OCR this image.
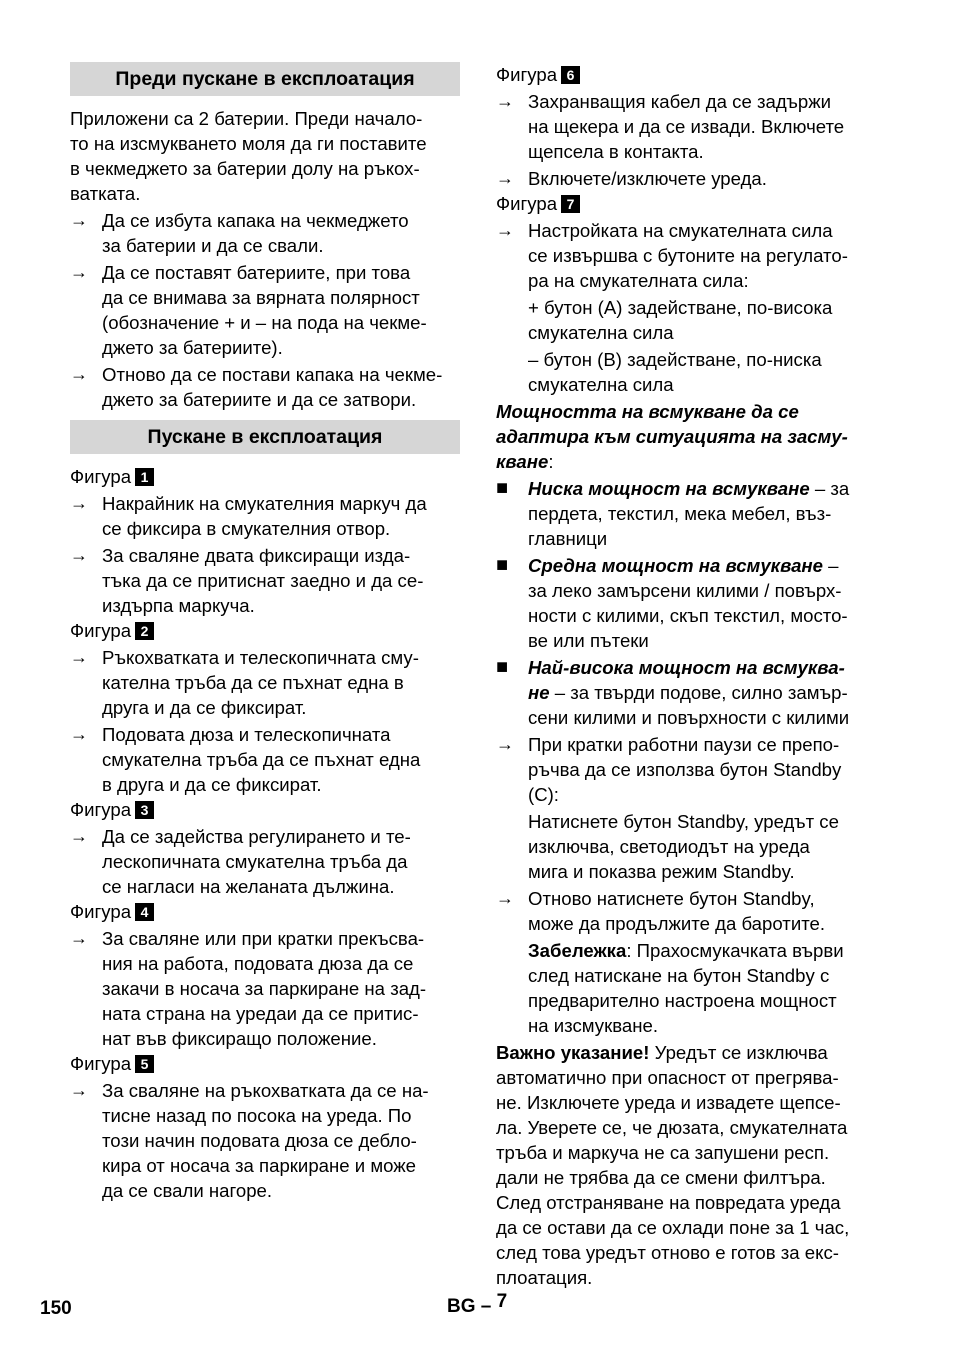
Преди пускане в експлоатация

Приложени са 2 батерии. Преди начало-

то на изсмукването моля да ги поставите

в чекмеджето за батерии долу на ръкох-

ватката.

→ Да се избута капака на чекмеджето

за батерии и да се свали.

→ Да се поставят батериите, при това

да се внимава за вярната полярност

(обозначение + и – на пода на чекме-

джето за батериите).

→ Отново да се постави капака на чекме-

джето за батериите и да се затвори.

Пускане в експлоатация
Фигура 1
→ Накрайник на смукателния маркуч да

се фиксира в смукателния отвор.

→ За сваляне двата фиксиращи изда-

тъка да се притиснат заедно и да се-

издърпа маркуча.

Фигура 2
→ Ръкохватката и телескопичната сму-

кателна тръба да се пъхнат една в

друга и да се фиксират.

→ Подовата дюза и телескопичната

смукателна тръба да се пъхнат една

в друга и да се фиксират.

Фигура 3
→ Да се задейства регулирането и те-

лескопичната смукателна тръба да

се нагласи на желаната дължина.

Фигура 4
→ За сваляне или при кратки прекъсва-

ния на работа, подовата дюза да се

закачи в носача за паркиране на зад-

ната страна на уредаи да се притис-

нат във фиксиращо положение.

Фигура 5
→ За сваляне на ръкохватката да се на-

тисне назад по посока на уреда. По

този начин подовата дюза се дебло-

кира от носача за паркиране и може

да се свали нагоре.

Фигура 6
→ Захранващия кабел да се задържи

на щекера и да се извади. Включете

щепсела в контакта.

→ Включете/изключете уреда.

Фигура 7
→ Настройката на смукателната сила

се извършва с бутоните на регулато-

ра на смукателната сила:

+ бутон (A) задействане, по-висока

смукателна сила

– бутон (B) задействане, по-ниска

смукателна сила

Мощността на всмукване да се

адаптира към ситуацията на засму-

кване:

■	Ниска мощност на всмукване – за

пердета, текстил, мека мебел, въз-

главници

■	Средна мощност на всмукване –

за леко замърсени килими / повърх-

ности с килими, скъп текстил, мосто-

ве или пътеки

■	Най-висока мощност на всмуква-

не – за твърди подове, силно замър-

сени килими и повърхности с килими

→ При кратки работни паузи се препо-

ръчва да се използва бутон Standby

(C):

Натиснете бутон Standby, уредът се

изключва, светодиодът на уреда

мига и показва режим Standby.

→ Отново натиснете бутон Standby,

може да продължите да баротите.

Забележка: Прахосмукачката върви

след натискане на бутон Standby с

предварително настроена мощност

на изсмукване.

Важно указание! Уредът се изключва

автоматично при опасност от прегрява-

не. Изключете уреда и извадете щепсе-

ла. Уверете се, че дюзата, смукателната

тръба и маркуча не са запушени респ.

дали не трябва да се смени филтъра.

След отстраняване на повредата уреда

да се остави да се охлади поне за 1 час,

след това уредът отново е готов за екс-

плоатация.

150	BG – 7
